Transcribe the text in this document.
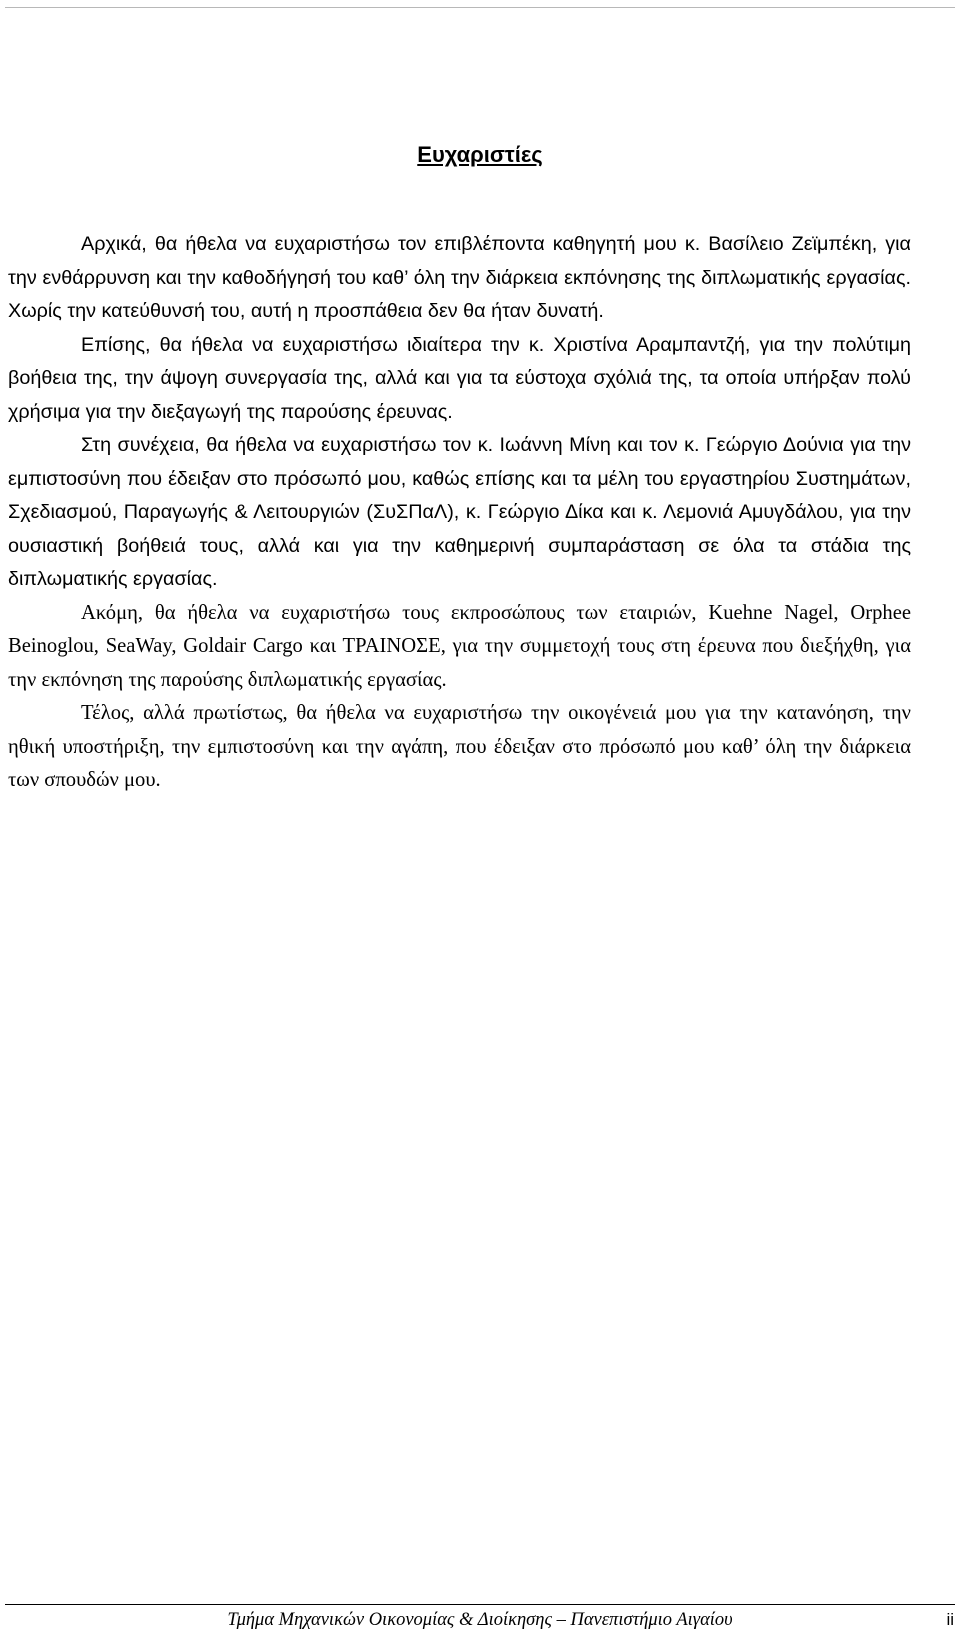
Ευχαριστίες

Αρχικά, θα ήθελα να ευχαριστήσω τον επιβλέποντα καθηγητή μου κ. Βασίλειο Ζεϊμπέκη, για την ενθάρρυνση και την καθοδήγησή του καθ’ όλη την διάρκεια εκπόνησης της διπλωματικής εργασίας. Χωρίς την κατεύθυνσή του, αυτή η προσπάθεια δεν θα ήταν δυνατή.

Επίσης, θα ήθελα να ευχαριστήσω ιδιαίτερα την κ. Χριστίνα Αραμπαντζή, για την πολύτιμη βοήθεια της, την άψογη συνεργασία της, αλλά και για τα εύστοχα σχόλιά της, τα οποία υπήρξαν πολύ χρήσιμα για την διεξαγωγή της παρούσης έρευνας.

Στη συνέχεια, θα ήθελα να ευχαριστήσω τον κ. Ιωάννη Μίνη και τον κ. Γεώργιο Δούνια για την εμπιστοσύνη που έδειξαν στο πρόσωπό μου, καθώς επίσης και τα μέλη του εργαστηρίου Συστημάτων, Σχεδιασμού, Παραγωγής & Λειτουργιών (ΣυΣΠαΛ), κ. Γεώργιο Δίκα και κ. Λεμονιά Αμυγδάλου, για την ουσιαστική βοήθειά τους, αλλά και για την καθημερινή συμπαράσταση σε όλα τα στάδια της διπλωματικής εργασίας.

Ακόμη, θα ήθελα να ευχαριστήσω τους εκπροσώπους των εταιριών, Kuehne Nagel, Orphee Beinoglou, SeaWay, Goldair Cargo και ΤΡΑΙΝΟΣΕ, για την συμμετοχή τους στη έρευνα που διεξήχθη, για την εκπόνηση της παρούσης διπλωματικής εργασίας.

Τέλος, αλλά πρωτίστως, θα ήθελα να ευχαριστήσω την οικογένειά μου για την κατανόηση, την ηθική υποστήριξη, την εμπιστοσύνη και την αγάπη, που έδειξαν στο πρόσωπό μου καθ’ όλη την διάρκεια των σπουδών μου.

Τμήμα Μηχανικών Οικονομίας & Διοίκησης – Πανεπιστήμιο Αιγαίου	ii
